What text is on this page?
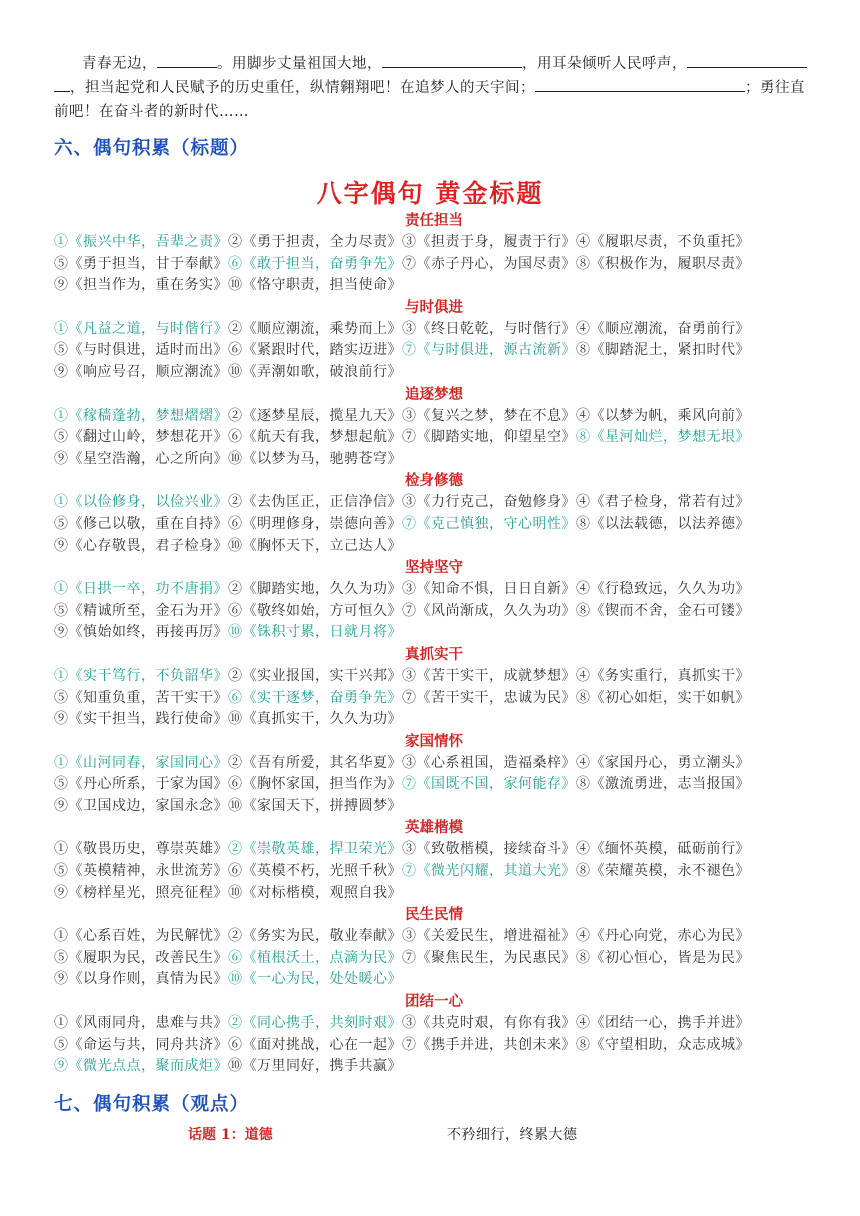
青春无边，	。用脚步丈量祖国大地，	，用耳朵倾听人民呼声，

，担当起党和人民赋予的历史重任，纵情翱翔吧！在追梦人的天宇间；	；勇往直前吧！在奋斗者的新时代……

六、偶句积累（标题）
八字偶句 黄金标题
责任担当
①《振兴中华，吾辈之责》②《勇于担责，全力尽责》③《担责于身，履责于行》④《履职尽责，不负重托》
⑤《勇于担当，甘于奉献》⑥《敢于担当，奋勇争先》⑦《赤子丹心，为国尽责》⑧《积极作为，履职尽责》
⑨《担当作为，重在务实》⑩《恪守职责，担当使命》
与时俱进
①《凡益之道，与时偕行》②《顺应潮流，乘势而上》③《终日乾乾，与时偕行》④《顺应潮流，奋勇前行》
⑤《与时俱进，适时而出》⑥《紧跟时代，踏实迈进》⑦《与时俱进，源古流新》⑧《脚踏泥土，紧扣时代》
⑨《响应号召，顺应潮流》⑩《弄潮如歌，破浪前行》
追逐梦想
①《稼穑蓬勃，梦想熠熠》②《逐梦星辰，揽星九天》③《复兴之梦，梦在不息》④《以梦为帆，乘风向前》
⑤《翻过山岭，梦想花开》⑥《航天有我，梦想起航》⑦《脚踏实地，仰望星空》⑧《星河灿烂，梦想无垠》
⑨《星空浩瀚，心之所向》⑩《以梦为马，驰骋苍穹》
检身修德
①《以俭修身，以俭兴业》②《去伪匡正，正信净信》③《力行克己，奋勉修身》④《君子检身，常若有过》
⑤《修己以敬，重在自持》⑥《明理修身，崇德向善》⑦《克己慎独，守心明性》⑧《以法载德，以法养德》
⑨《心存敬畏，君子检身》⑩《胸怀天下，立己达人》
坚持坚守
①《日拱一卒，功不唐捐》②《脚踏实地，久久为功》③《知命不惧，日日自新》④《行稳致远，久久为功》
⑤《精诚所至，金石为开》⑥《敬终如始，方可恒久》⑦《风尚渐成，久久为功》⑧《锲而不舍，金石可镂》
⑨《慎始如终，再接再厉》⑩《铢积寸累，日就月将》
真抓实干
①《实干笃行，不负韶华》②《实业报国，实干兴邦》③《苦干实干，成就梦想》④《务实重行，真抓实干》
⑤《知重负重，苦干实干》⑥《实干逐梦，奋勇争先》⑦《苦干实干，忠诚为民》⑧《初心如炬，实干如帆》
⑨《实干担当，践行使命》⑩《真抓实干，久久为功》
家国情怀
①《山河同春，家国同心》②《吾有所爱，其名华夏》③《心系祖国，造福桑梓》④《家国丹心，勇立潮头》
⑤《丹心所系，于家为国》⑥《胸怀家国，担当作为》⑦《国既不国，家何能存》⑧《激流勇进，志当报国》
⑨《卫国戍边，家国永念》⑩《家国天下，拼搏圆梦》
英雄楷模
①《敬畏历史，尊崇英雄》②《崇敬英雄，捍卫荣光》③《致敬楷模，接续奋斗》④《缅怀英模，砥砺前行》
⑤《英模精神，永世流芳》⑥《英模不朽，光照千秋》⑦《微光闪耀，其道大光》⑧《荣耀英模，永不褪色》
⑨《榜样星光，照亮征程》⑩《对标楷模，观照自我》
民生民情
①《心系百姓，为民解忧》②《务实为民，敬业奉献》③《关爱民生，增进福祉》④《丹心向党，赤心为民》
⑤《履职为民，改善民生》⑥《植根沃土，点滴为民》⑦《聚焦民生，为民惠民》⑧《初心恒心，皆是为民》
⑨《以身作则，真情为民》⑩《一心为民，处处暖心》
团结一心
①《风雨同舟，患难与共》②《同心携手，共刻时艰》③《共克时艰，有你有我》④《团结一心，携手并进》
⑤《命运与共，同舟共济》⑥《面对挑战，心在一起》⑦《携手并进，共创未来》⑧《守望相助，众志成城》
⑨《微光点点，聚而成炬》⑩《万里同好，携手共赢》
七、偶句积累（观点）
话题 1：道德	不矜细行，终累大德
